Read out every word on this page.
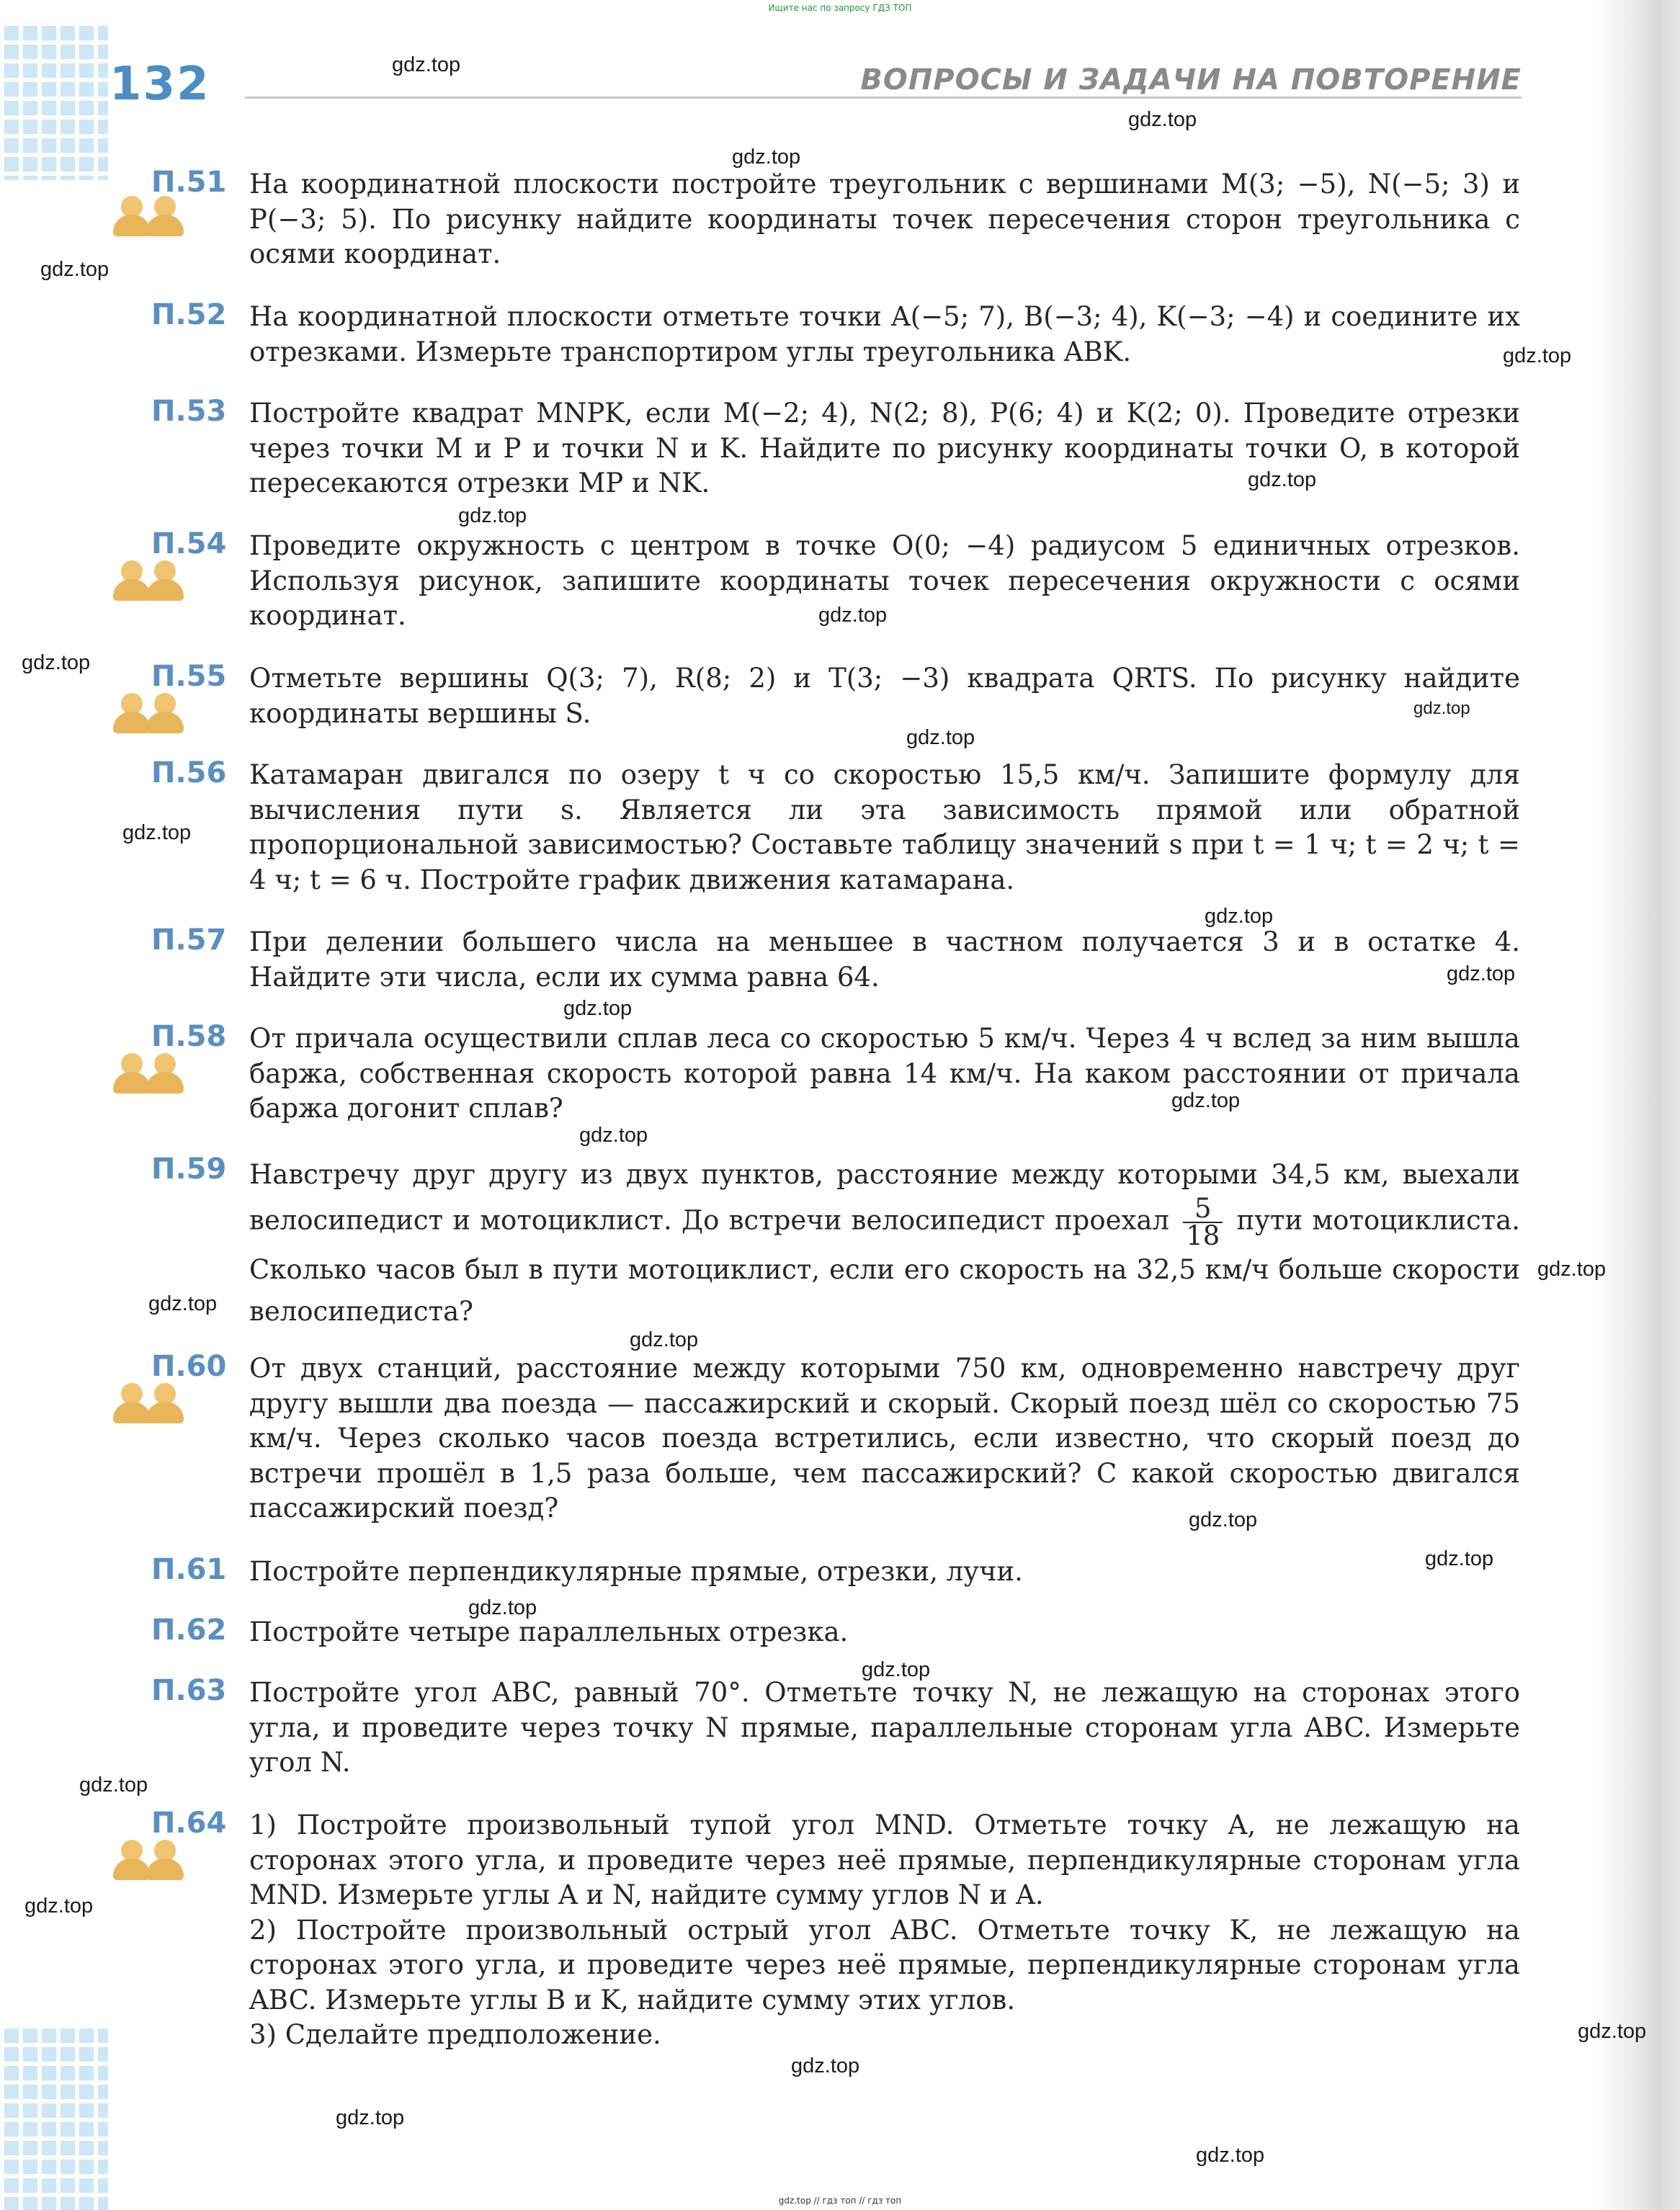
Ищите нас по запросу ГДЗ ТОП
132	ВОПРОСЫ И ЗАДАЧИ НА ПОВТОРЕНИЕ
П.51 На координатной плоскости постройте треугольник с вершинами M(3; −5), N(−5; 3) и P(−3; 5). По рисунку найдите координаты точек пересечения сторон треугольника с осями координат.

П.52 На координатной плоскости отметьте точки A(−5; 7), B(−3; 4), K(−3; −4) и соедините их отрезками. Измерьте транспортиром углы треугольника ABK.

П.53 Постройте квадрат MNPK, если M(−2; 4), N(2; 8), P(6; 4) и K(2; 0). Проведите отрезки через точки M и P и точки N и K. Найдите по рисунку координаты точки O, в которой пересекаются отрезки MP и NK.

П.54 Проведите окружность с центром в точке O(0; −4) радиусом 5 единичных отрезков. Используя рисунок, запишите координаты точек пересечения окружности с осями координат.

П.55 Отметьте вершины Q(3; 7), R(8; 2) и T(3; −3) квадрата QRTS. По рисунку найдите координаты вершины S.

П.56 Катамаран двигался по озеру t ч со скоростью 15,5 км/ч. Запишите формулу для вычисления пути s. Является ли эта зависимость прямой или обратной пропорциональной зависимостью? Составьте таблицу значений s при t = 1 ч; t = 2 ч; t = 4 ч; t = 6 ч. Постройте график движения катамарана.

П.57 При делении большего числа на меньшее в частном получается 3 и в остатке 4. Найдите эти числа, если их сумма равна 64.

П.58 От причала осуществили сплав леса со скоростью 5 км/ч. Через 4 ч вслед за ним вышла баржа, собственная скорость которой равна 14 км/ч. На каком расстоянии от причала баржа догонит сплав?

П.59 Навстречу друг другу из двух пунктов, расстояние между которыми 34,5 км, выехали велосипедист и мотоциклист. До встречи велосипедист проехал $\frac{5}{18}$ пути мотоциклиста. Сколько часов был в пути мотоциклист, если его скорость на 32,5 км/ч больше скорости велосипедиста?

П.60 От двух станций, расстояние между которыми 750 км, одновременно навстречу друг другу вышли два поезда — пассажирский и скорый. Скорый поезд шёл со скоростью 75 км/ч. Через сколько часов поезда встретились, если известно, что скорый поезд до встречи прошёл в 1,5 раза больше, чем пассажирский? С какой скоростью двигался пассажирский поезд?

П.61 Постройте перпендикулярные прямые, отрезки, лучи.

П.62 Постройте четыре параллельных отрезка.

П.63 Постройте угол ABC, равный 70°. Отметьте точку N, не лежащую на сторонах этого угла, и проведите через точку N прямые, параллельные сторонам угла ABC. Измерьте угол N.

П.64 1) Постройте произвольный тупой угол MND. Отметьте точку A, не лежащую на сторонах этого угла, и проведите через неё прямые, перпендикулярные сторонам угла MND. Измерьте углы A и N, найдите сумму углов N и A.

2) Постройте произвольный острый угол ABC. Отметьте точку K, не лежащую на сторонах этого угла, и проведите через неё прямые, перпендикулярные сторонам угла ABC. Измерьте углы B и K, найдите сумму этих углов.

3) Сделайте предположение.

gdz.top
gdz.top
gdz.top
gdz.top
gdz.top
gdz.top
gdz.top
gdz.top
gdz.top
gdz.top
gdz.top
gdz.top
gdz.top
gdz.top
gdz.top
gdz.top
gdz.top
gdz.top
gdz.top
gdz.top
gdz.top
gdz.top
gdz.top
gdz.top
gdz.top
gdz.top
gdz.top
gdz.top
gdz.top
gdz.top
gdz.top // гдз топ // гдз топ
